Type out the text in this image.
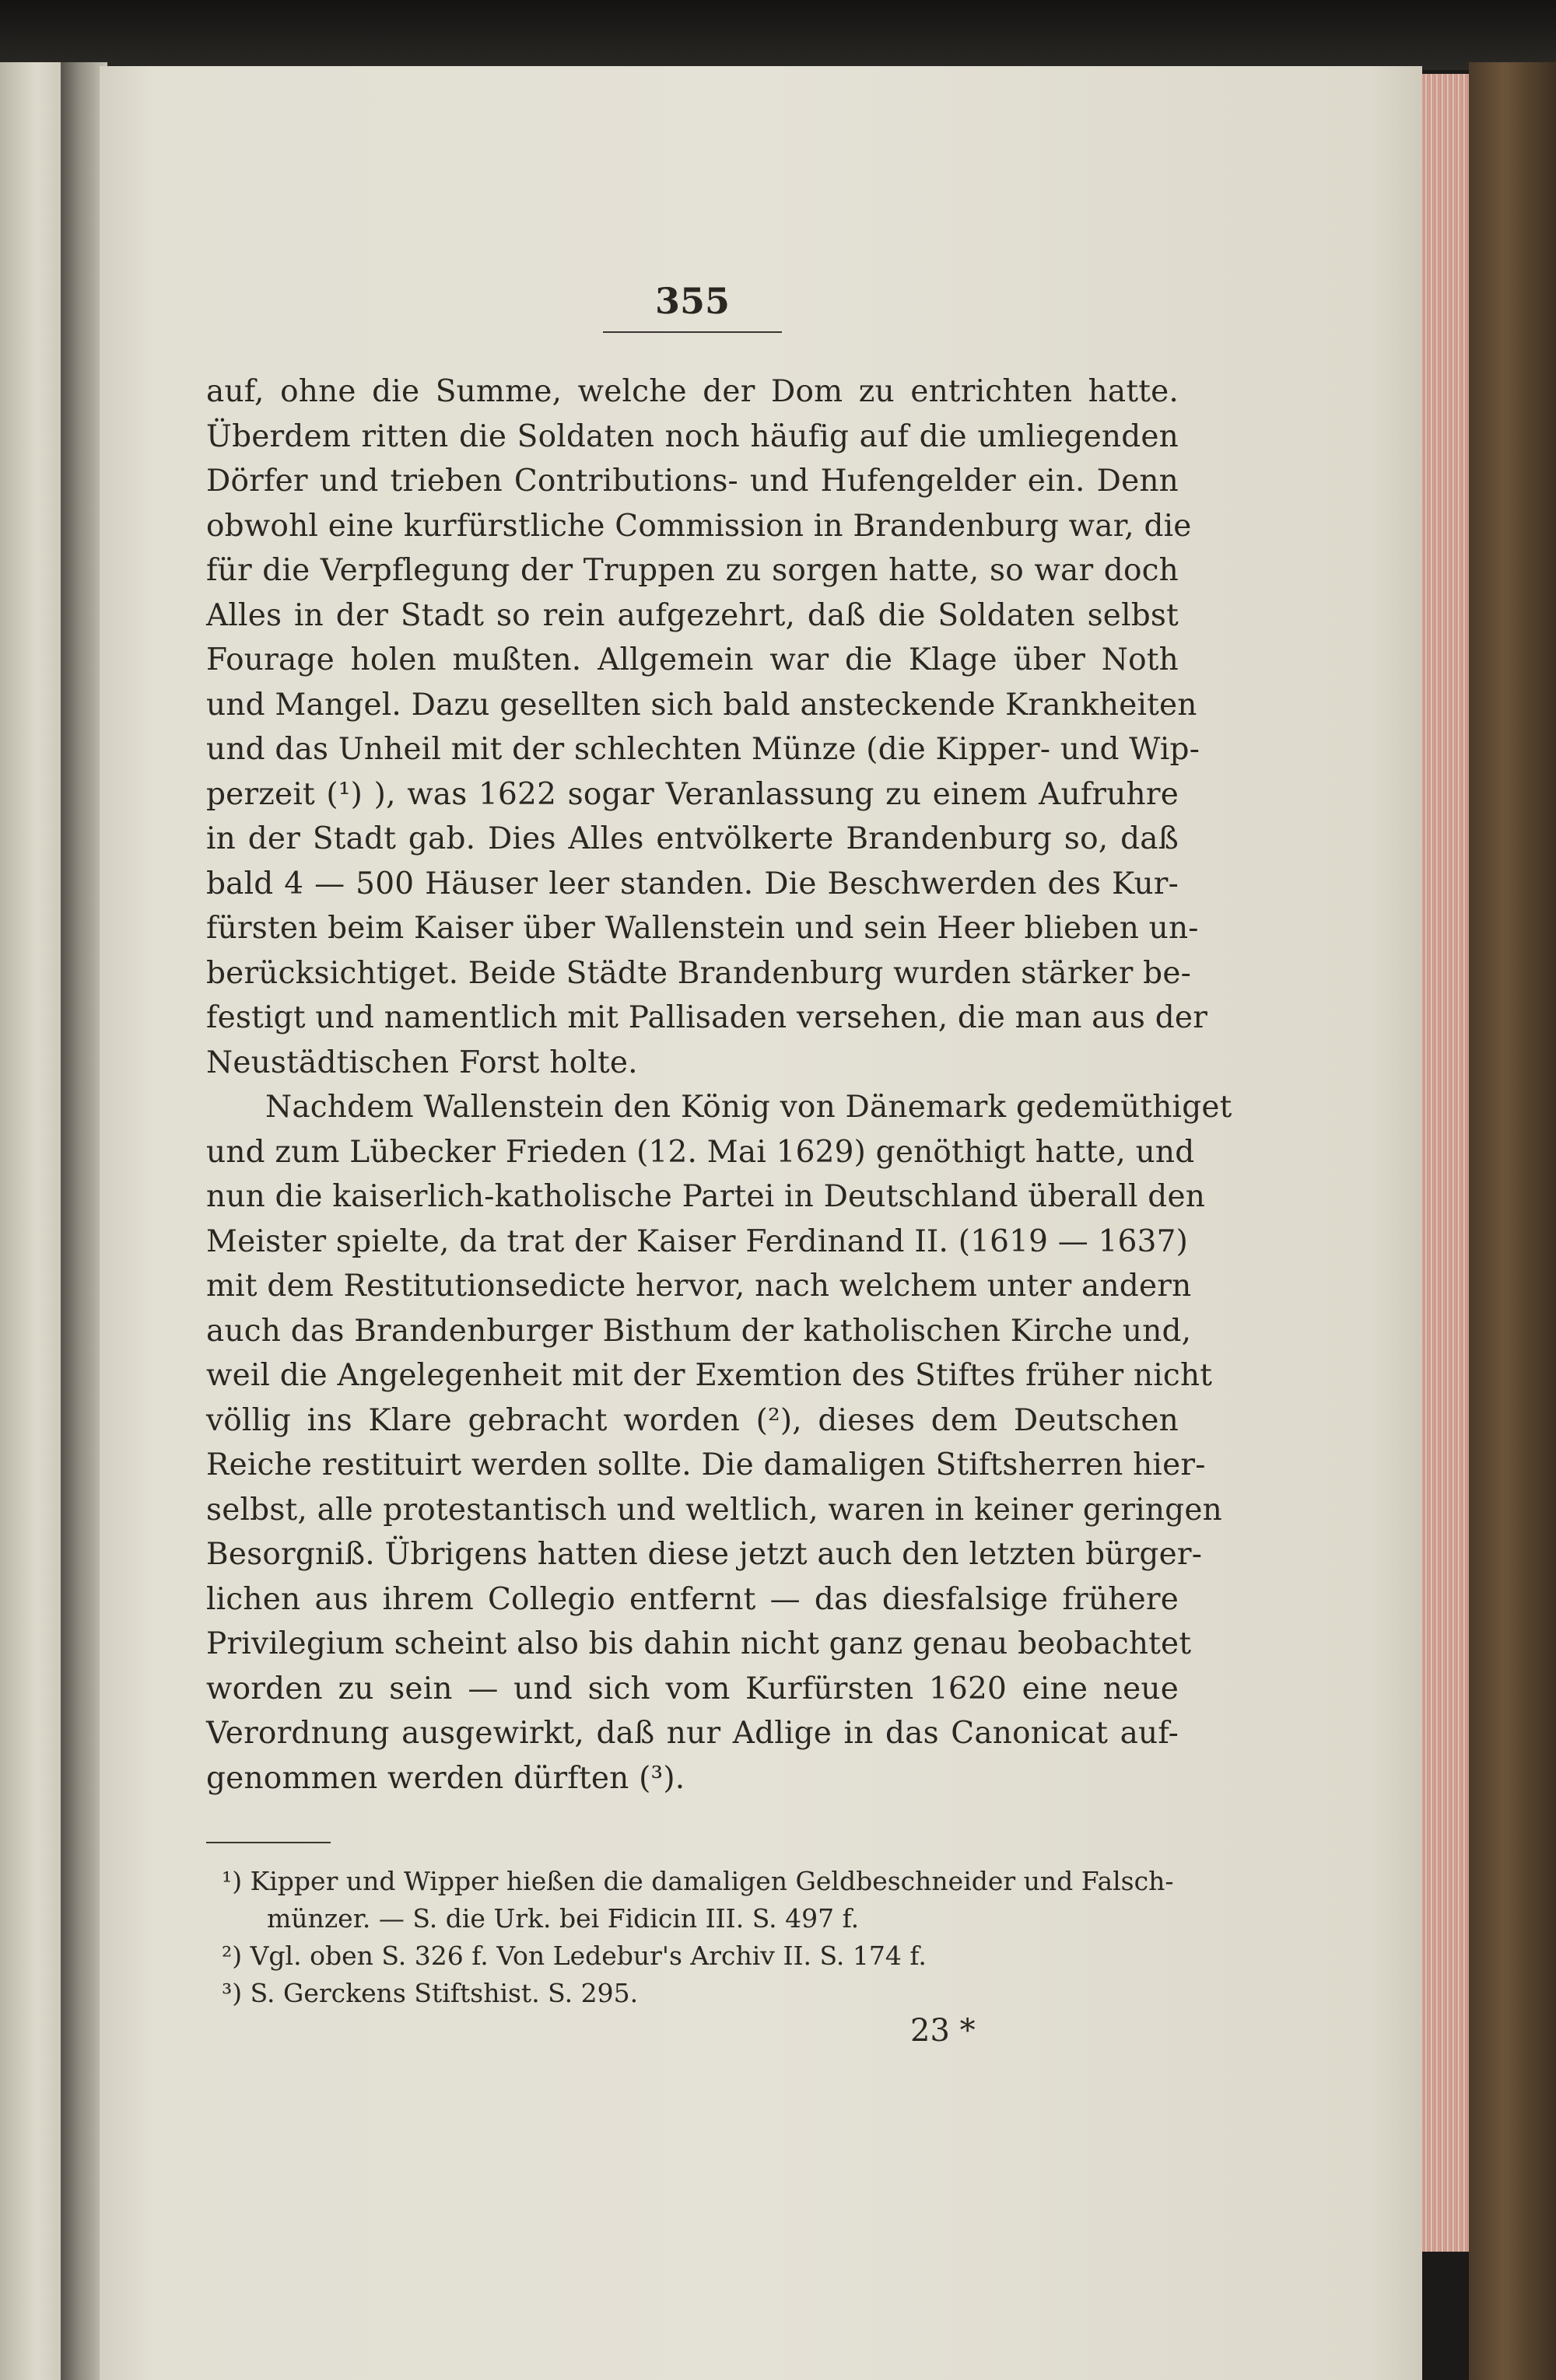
355
auf, ohne die Summe, welche der Dom zu entrichten hatte.
Überdem ritten die Soldaten noch häufig auf die umliegenden
Dörfer und trieben Contributions- und Hufengelder ein. Denn
obwohl eine kurfürstliche Commission in Brandenburg war, die
für die Verpflegung der Truppen zu sorgen hatte, so war doch
Alles in der Stadt so rein aufgezehrt, daß die Soldaten selbst
Fourage holen mußten. Allgemein war die Klage über Noth
und Mangel. Dazu gesellten sich bald ansteckende Krankheiten
und das Unheil mit der schlechten Münze (die Kipper- und Wip-
perzeit (¹) ), was 1622 sogar Veranlassung zu einem Aufruhre
in der Stadt gab. Dies Alles entvölkerte Brandenburg so, daß
bald 4 — 500 Häuser leer standen. Die Beschwerden des Kur-
fürsten beim Kaiser über Wallenstein und sein Heer blieben un-
berücksichtiget. Beide Städte Brandenburg wurden stärker be-
festigt und namentlich mit Pallisaden versehen, die man aus der
Neustädtischen Forst holte.
Nachdem Wallenstein den König von Dänemark gedemüthiget
und zum Lübecker Frieden (12. Mai 1629) genöthigt hatte, und
nun die kaiserlich-katholische Partei in Deutschland überall den
Meister spielte, da trat der Kaiser Ferdinand II. (1619 — 1637)
mit dem Restitutionsedicte hervor, nach welchem unter andern
auch das Brandenburger Bisthum der katholischen Kirche und,
weil die Angelegenheit mit der Exemtion des Stiftes früher nicht
völlig ins Klare gebracht worden (²), dieses dem Deutschen
Reiche restituirt werden sollte. Die damaligen Stiftsherren hier-
selbst, alle protestantisch und weltlich, waren in keiner geringen
Besorgniß. Übrigens hatten diese jetzt auch den letzten bürger-
lichen aus ihrem Collegio entfernt — das diesfalsige frühere
Privilegium scheint also bis dahin nicht ganz genau beobachtet
worden zu sein — und sich vom Kurfürsten 1620 eine neue
Verordnung ausgewirkt, daß nur Adlige in das Canonicat auf-
genommen werden dürften (³).
¹) Kipper und Wipper hießen die damaligen Geldbeschneider und Falsch-
münzer. — S. die Urk. bei Fidicin III. S. 497 f.
²) Vgl. oben S. 326 f. Von Ledebur's Archiv II. S. 174 f.
³) S. Gerckens Stiftshist. S. 295.
23 *
